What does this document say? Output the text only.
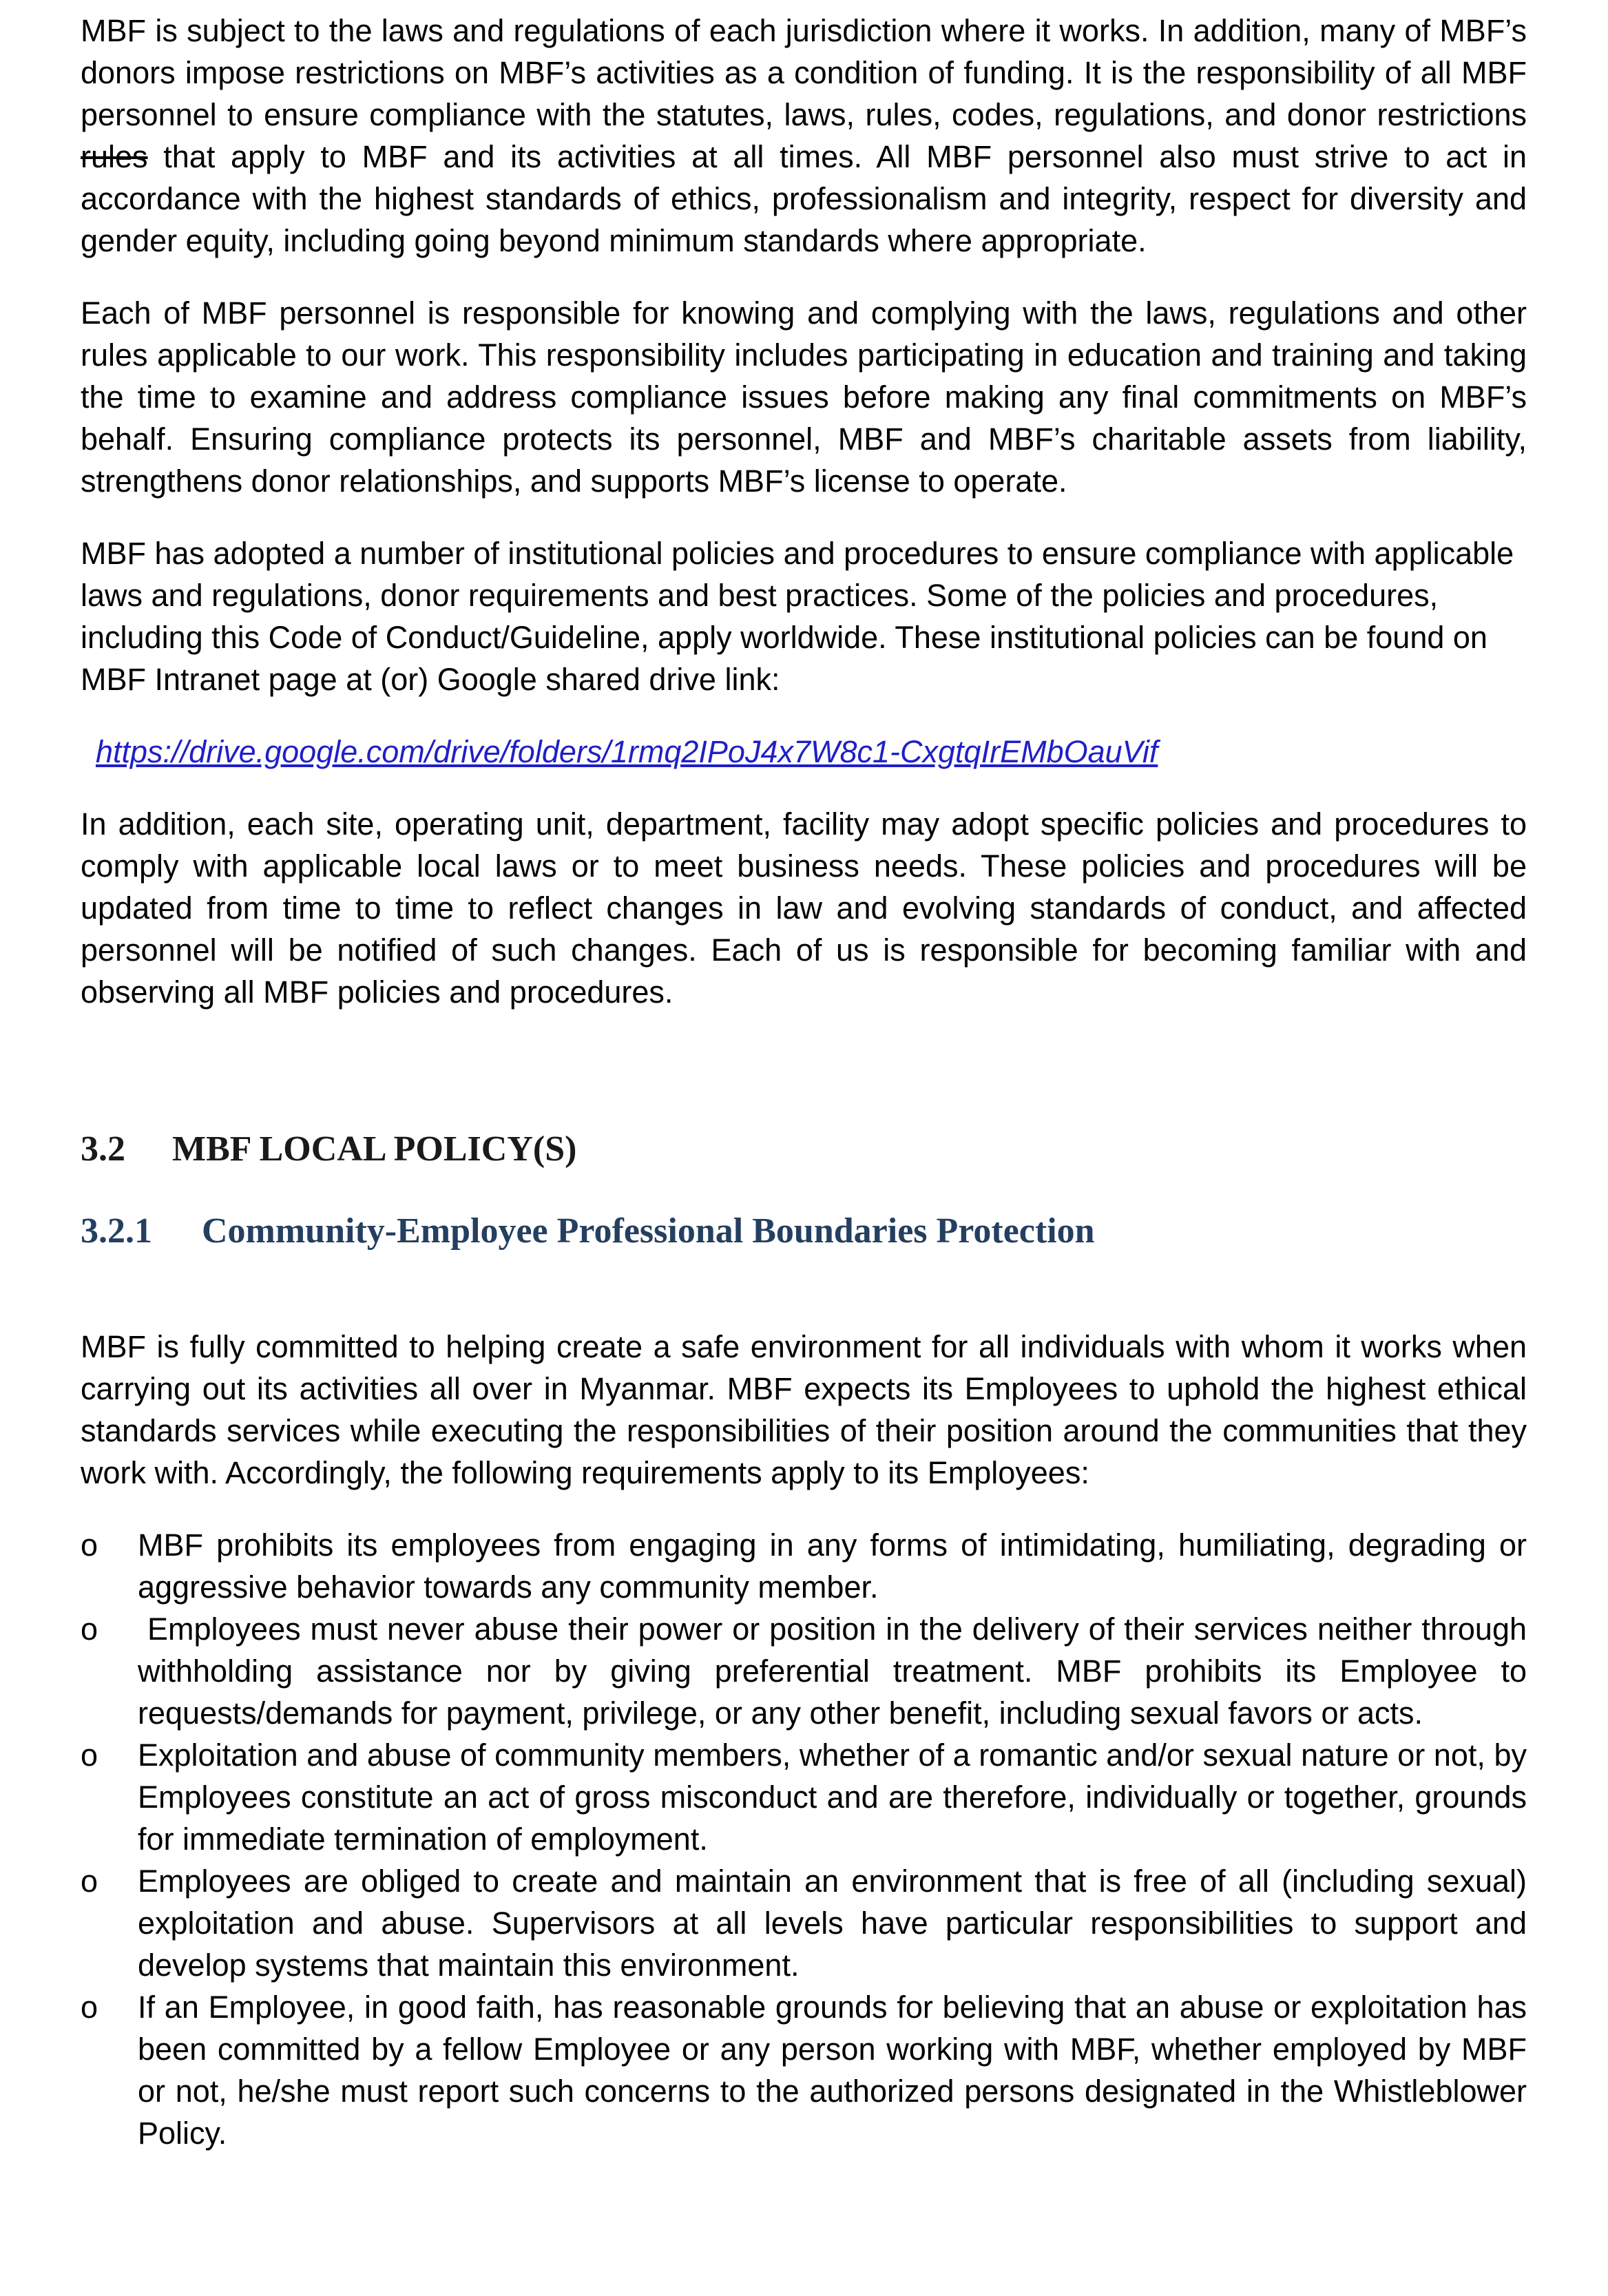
MBF is subject to the laws and regulations of each jurisdiction where it works. In addition, many of MBF’s donors impose restrictions on MBF’s activities as a condition of funding. It is the responsibility of all MBF personnel to ensure compliance with the statutes, laws, rules, codes, regulations, and donor restrictions rules that apply to MBF and its activities at all times. All MBF personnel also must strive to act in accordance with the highest standards of ethics, professionalism and integrity, respect for diversity and gender equity, including going beyond minimum standards where appropriate.

Each of MBF personnel is responsible for knowing and complying with the laws, regulations and other rules applicable to our work. This responsibility includes participating in education and training and taking the time to examine and address compliance issues before making any final commitments on MBF’s behalf. Ensuring compliance protects its personnel, MBF and MBF’s charitable assets from liability, strengthens donor relationships, and supports MBF’s license to operate.

MBF has adopted a number of institutional policies and procedures to ensure compliance with applicable laws and regulations, donor requirements and best practices. Some of the policies and procedures, including this Code of Conduct/Guideline, apply worldwide. These institutional policies can be found on MBF Intranet page at (or) Google shared drive link:

https://drive.google.com/drive/folders/1rmq2IPoJ4x7W8c1-CxgtqIrEMbOauVif

In addition, each site, operating unit, department, facility may adopt specific policies and procedures to comply with applicable local laws or to meet business needs. These policies and procedures will be updated from time to time to reflect changes in law and evolving standards of conduct, and affected personnel will be notified of such changes. Each of us is responsible for becoming familiar with and observing all MBF policies and procedures.

3.2	MBF LOCAL POLICY(S)
3.2.1	Community-Employee Professional Boundaries Protection

MBF is fully committed to helping create a safe environment for all individuals with whom it works when carrying out its activities all over in Myanmar. MBF expects its Employees to uphold the highest ethical standards services while executing the responsibilities of their position around the communities that they work with. Accordingly, the following requirements apply to its Employees:

o	MBF prohibits its employees from engaging in any forms of intimidating, humiliating, degrading or aggressive behavior towards any community member.
o	Employees must never abuse their power or position in the delivery of their services neither through withholding assistance nor by giving preferential treatment. MBF prohibits its Employee to requests/demands for payment, privilege, or any other benefit, including sexual favors or acts.
o	Exploitation and abuse of community members, whether of a romantic and/or sexual nature or not, by Employees constitute an act of gross misconduct and are therefore, individually or together, grounds for immediate termination of employment.
o	Employees are obliged to create and maintain an environment that is free of all (including sexual) exploitation and abuse. Supervisors at all levels have particular responsibilities to support and develop systems that maintain this environment.
o	If an Employee, in good faith, has reasonable grounds for believing that an abuse or exploitation has been committed by a fellow Employee or any person working with MBF, whether employed by MBF or not, he/she must report such concerns to the authorized persons designated in the Whistleblower Policy.
